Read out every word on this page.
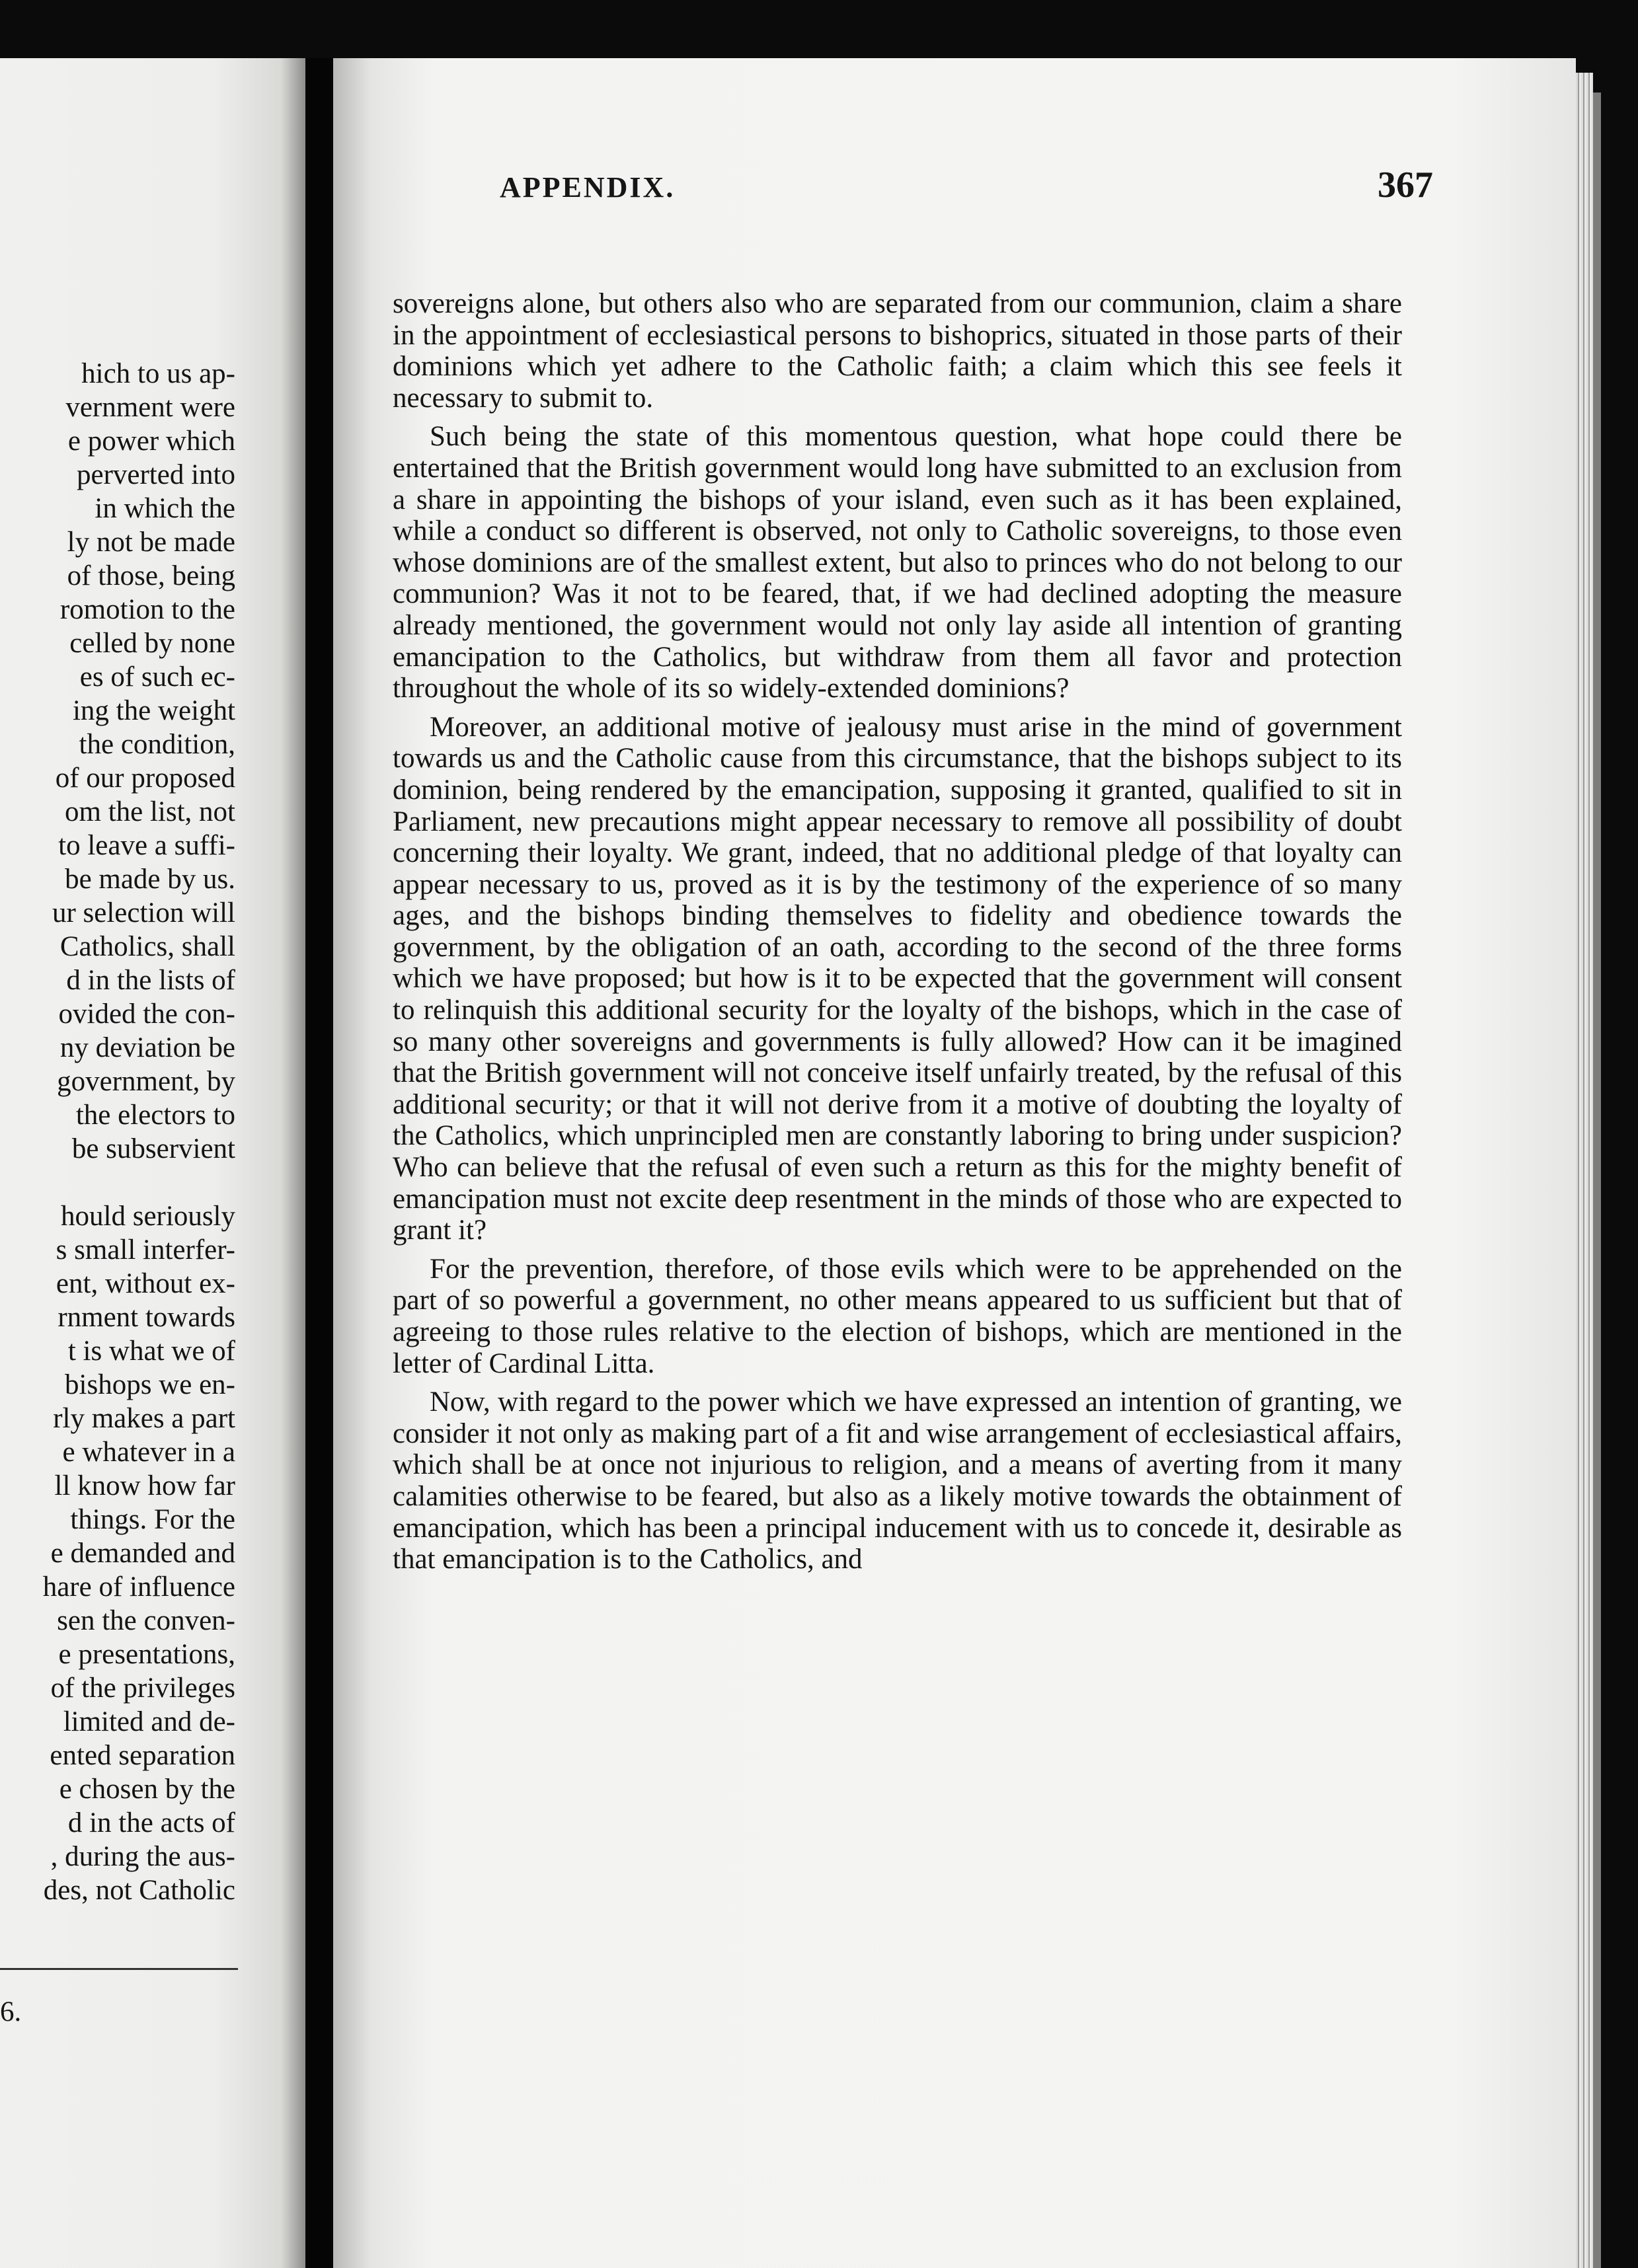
hich to us ap-
vernment were
e power which
perverted into
in which the
ly not be made
of those, being
romotion to the
celled by none
es of such ec-
ing the weight
the condition,
of our proposed
om the list, not
to leave a suffi-
be made by us.
ur selection will
Catholics, shall
d in the lists of
ovided the con-
ny deviation be
government, by
the electors to
be subservient
hould seriously
s small interfer-
ent, without ex-
rnment towards
t is what we of
bishops we en-
rly makes a part
e whatever in a
ll know how far
things. For the
e demanded and
hare of influence
sen the conven-
e presentations,
of the privileges
limited and de-
ented separation
e chosen by the
d in the acts of
, during the aus-
des, not Catholic
6.
APPENDIX.	367

sovereigns alone, but others also who are separated from our communion, claim a share in the appointment of ecclesiastical persons to bishoprics, situated in those parts of their dominions which yet adhere to the Catholic faith; a claim which this see feels it necessary to submit to.

Such being the state of this momentous question, what hope could there be entertained that the British government would long have submitted to an exclusion from a share in appointing the bishops of your island, even such as it has been explained, while a conduct so different is observed, not only to Catholic sovereigns, to those even whose dominions are of the smallest extent, but also to princes who do not belong to our communion? Was it not to be feared, that, if we had declined adopting the measure already mentioned, the government would not only lay aside all intention of granting emancipation to the Catholics, but withdraw from them all favor and protection throughout the whole of its so widely-extended dominions?

Moreover, an additional motive of jealousy must arise in the mind of government towards us and the Catholic cause from this circumstance, that the bishops subject to its dominion, being rendered by the emancipation, supposing it granted, qualified to sit in Parliament, new precautions might appear necessary to remove all possibility of doubt concerning their loyalty. We grant, indeed, that no additional pledge of that loyalty can appear necessary to us, proved as it is by the testimony of the experience of so many ages, and the bishops binding themselves to fidelity and obedience towards the government, by the obligation of an oath, according to the second of the three forms which we have proposed; but how is it to be expected that the government will consent to relinquish this additional security for the loyalty of the bishops, which in the case of so many other sovereigns and governments is fully allowed? How can it be imagined that the British government will not conceive itself unfairly treated, by the refusal of this additional security; or that it will not derive from it a motive of doubting the loyalty of the Catholics, which unprincipled men are constantly laboring to bring under suspicion? Who can believe that the refusal of even such a return as this for the mighty benefit of emancipation must not excite deep resentment in the minds of those who are expected to grant it?

For the prevention, therefore, of those evils which were to be apprehended on the part of so powerful a government, no other means appeared to us sufficient but that of agreeing to those rules relative to the election of bishops, which are mentioned in the letter of Cardinal Litta.

Now, with regard to the power which we have expressed an intention of granting, we consider it not only as making part of a fit and wise arrangement of ecclesiastical affairs, which shall be at once not injurious to religion, and a means of averting from it many calamities otherwise to be feared, but also as a likely motive towards the obtainment of emancipation, which has been a principal inducement with us to concede it, desirable as that emancipation is to the Catholics, and
